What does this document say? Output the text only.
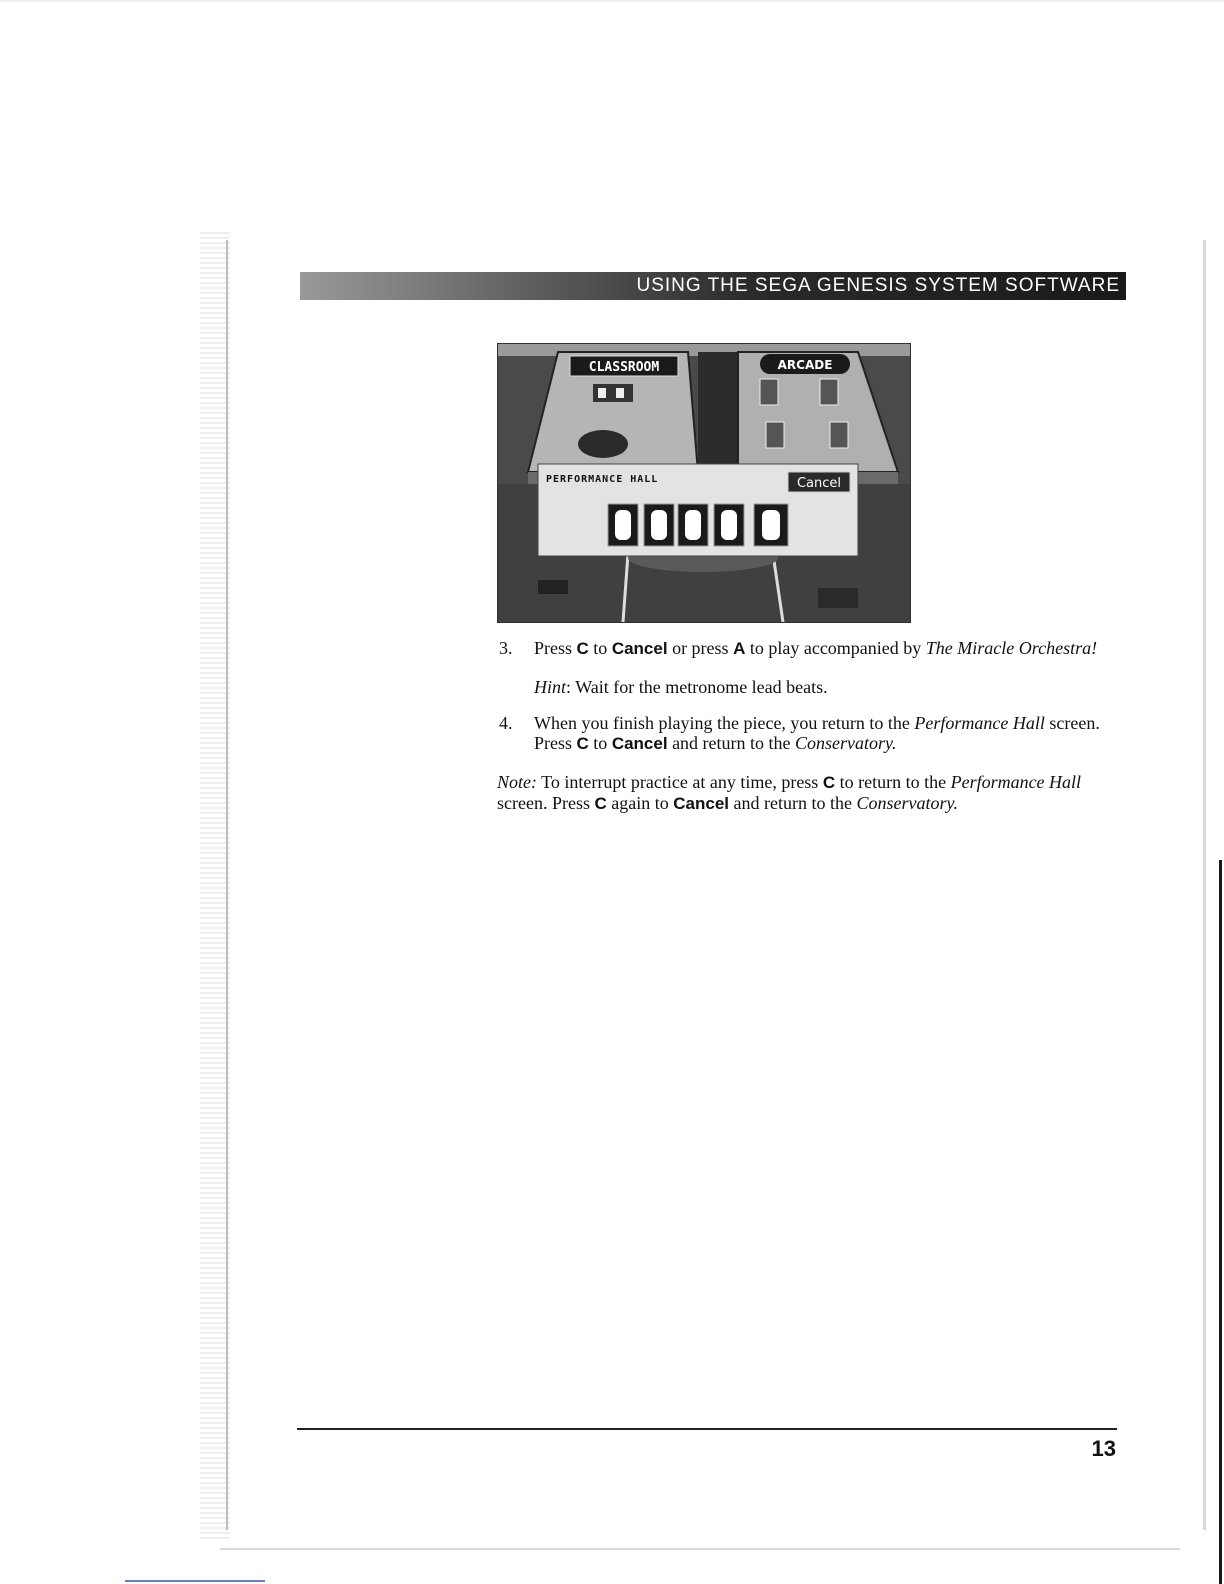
USING THE SEGA GENESIS SYSTEM SOFTWARE
CLASSROOM	ARCADE
PERFORMANCE HALL	Cancel

3. Press C to Cancel or press A to play accompanied by The Miracle Orchestra!

Hint: Wait for the metronome lead beats.

4. When you finish playing the piece, you return to the Performance Hall screen. Press C to Cancel and return to the Conservatory.

Note: To interrupt practice at any time, press C to return to the Performance Hall screen. Press C again to Cancel and return to the Conservatory.

13
